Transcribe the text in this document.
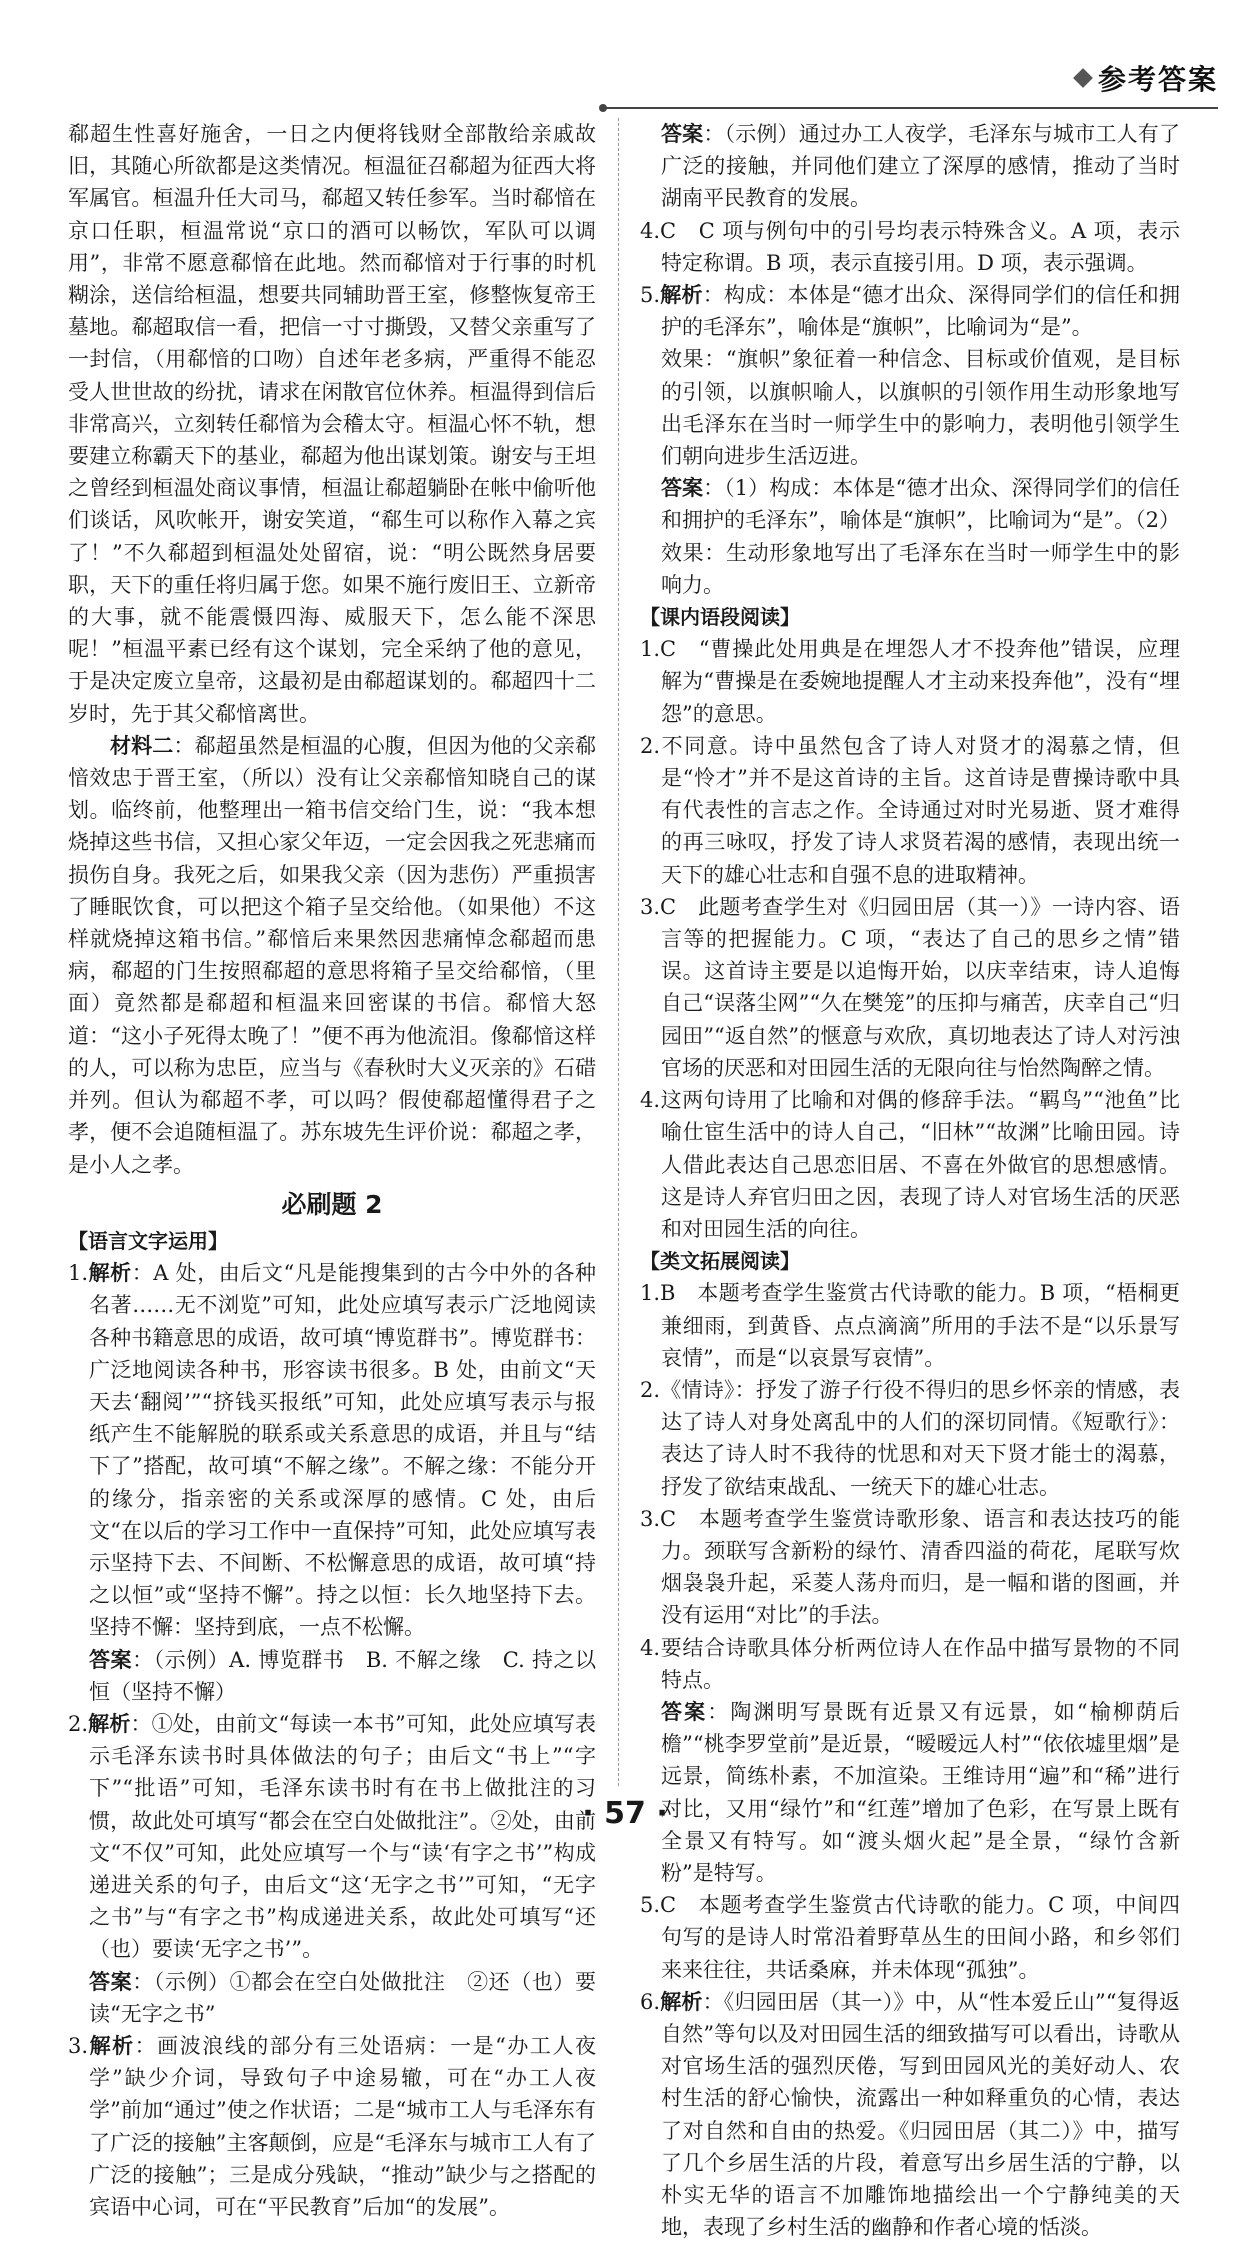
参考答案

郗超生性喜好施舍，一日之内便将钱财全部散给亲戚故旧，其随心所欲都是这类情况。桓温征召郗超为征西大将军属官。桓温升任大司马，郗超又转任参军。当时郗愔在京口任职，桓温常说“京口的酒可以畅饮，军队可以调用”，非常不愿意郗愔在此地。然而郗愔对于行事的时机糊涂，送信给桓温，想要共同辅助晋王室，修整恢复帝王墓地。郗超取信一看，把信一寸寸撕毁，又替父亲重写了一封信，（用郗愔的口吻）自述年老多病，严重得不能忍受人世世故的纷扰，请求在闲散官位休养。桓温得到信后非常高兴，立刻转任郗愔为会稽太守。桓温心怀不轨，想要建立称霸天下的基业，郗超为他出谋划策。谢安与王坦之曾经到桓温处商议事情，桓温让郗超躺卧在帐中偷听他们谈话，风吹帐开，谢安笑道，“郗生可以称作入幕之宾了！”不久郗超到桓温处处留宿，说：“明公既然身居要职，天下的重任将归属于您。如果不施行废旧王、立新帝的大事，就不能震慑四海、威服天下，怎么能不深思呢！”桓温平素已经有这个谋划，完全采纳了他的意见，于是决定废立皇帝，这最初是由郗超谋划的。郗超四十二岁时，先于其父郗愔离世。

材料二：郗超虽然是桓温的心腹，但因为他的父亲郗愔效忠于晋王室，（所以）没有让父亲郗愔知晓自己的谋划。临终前，他整理出一箱书信交给门生，说：“我本想烧掉这些书信，又担心家父年迈，一定会因我之死悲痛而损伤自身。我死之后，如果我父亲（因为悲伤）严重损害了睡眠饮食，可以把这个箱子呈交给他。（如果他）不这样就烧掉这箱书信。”郗愔后来果然因悲痛悼念郗超而患病，郗超的门生按照郗超的意思将箱子呈交给郗愔，（里面）竟然都是郗超和桓温来回密谋的书信。郗愔大怒道：“这小子死得太晚了！”便不再为他流泪。像郗愔这样的人，可以称为忠臣，应当与《春秋时大义灭亲的》石碏并列。但认为郗超不孝，可以吗？假使郗超懂得君子之孝，便不会追随桓温了。苏东坡先生评价说：郗超之孝，是小人之孝。

必刷题 2

【语言文字运用】

1.解析：A 处，由后文“凡是能搜集到的古今中外的各种名著……无不浏览”可知，此处应填写表示广泛地阅读各种书籍意思的成语，故可填“博览群书”。博览群书：广泛地阅读各种书，形容读书很多。B 处，由前文“天天去‘翻阅’”“挤钱买报纸”可知，此处应填写表示与报纸产生不能解脱的联系或关系意思的成语，并且与“结下了”搭配，故可填“不解之缘”。不解之缘：不能分开的缘分，指亲密的关系或深厚的感情。C 处，由后文“在以后的学习工作中一直保持”可知，此处应填写表示坚持下去、不间断、不松懈意思的成语，故可填“持之以恒”或“坚持不懈”。持之以恒：长久地坚持下去。坚持不懈：坚持到底，一点不松懈。

答案：（示例）A. 博览群书　B. 不解之缘　C. 持之以恒（坚持不懈）

2.解析：①处，由前文“每读一本书”可知，此处应填写表示毛泽东读书时具体做法的句子；由后文“书上”“字下”“批语”可知，毛泽东读书时有在书上做批注的习惯，故此处可填写“都会在空白处做批注”。②处，由前文“不仅”可知，此处应填写一个与“读‘有字之书’”构成递进关系的句子，由后文“这‘无字之书’”可知，“无字之书”与“有字之书”构成递进关系，故此处可填写“还（也）要读‘无字之书’”。

答案：（示例）①都会在空白处做批注　②还（也）要读“无字之书”

3.解析：画波浪线的部分有三处语病：一是“办工人夜学”缺少介词，导致句子中途易辙，可在“办工人夜学”前加“通过”使之作状语；二是“城市工人与毛泽东有了广泛的接触”主客颠倒，应是“毛泽东与城市工人有了广泛的接触”；三是成分残缺，“推动”缺少与之搭配的宾语中心词，可在“平民教育”后加“的发展”。

答案：（示例）通过办工人夜学，毛泽东与城市工人有了广泛的接触，并同他们建立了深厚的感情，推动了当时湖南平民教育的发展。

4.C　C 项与例句中的引号均表示特殊含义。A 项，表示特定称谓。B 项，表示直接引用。D 项，表示强调。

5.解析：构成：本体是“德才出众、深得同学们的信任和拥护的毛泽东”，喻体是“旗帜”，比喻词为“是”。

效果：“旗帜”象征着一种信念、目标或价值观，是目标的引领，以旗帜喻人，以旗帜的引领作用生动形象地写出毛泽东在当时一师学生中的影响力，表明他引领学生们朝向进步生活迈进。

答案：（1）构成：本体是“德才出众、深得同学们的信任和拥护的毛泽东”，喻体是“旗帜”，比喻词为“是”。（2）效果：生动形象地写出了毛泽东在当时一师学生中的影响力。

【课内语段阅读】

1.C　“曹操此处用典是在埋怨人才不投奔他”错误，应理解为“曹操是在委婉地提醒人才主动来投奔他”，没有“埋怨”的意思。

2.不同意。诗中虽然包含了诗人对贤才的渴慕之情，但是“怜才”并不是这首诗的主旨。这首诗是曹操诗歌中具有代表性的言志之作。全诗通过对时光易逝、贤才难得的再三咏叹，抒发了诗人求贤若渴的感情，表现出统一天下的雄心壮志和自强不息的进取精神。

3.C　此题考查学生对《归园田居（其一）》一诗内容、语言等的把握能力。C 项，“表达了自己的思乡之情”错误。这首诗主要是以追悔开始，以庆幸结束，诗人追悔自己“误落尘网”“久在樊笼”的压抑与痛苦，庆幸自己“归园田”“返自然”的惬意与欢欣，真切地表达了诗人对污浊官场的厌恶和对田园生活的无限向往与怡然陶醉之情。

4.这两句诗用了比喻和对偶的修辞手法。“羁鸟”“池鱼”比喻仕宦生活中的诗人自己，“旧林”“故渊”比喻田园。诗人借此表达自己思恋旧居、不喜在外做官的思想感情。这是诗人弃官归田之因，表现了诗人对官场生活的厌恶和对田园生活的向往。

【类文拓展阅读】

1.B　本题考查学生鉴赏古代诗歌的能力。B 项，“梧桐更兼细雨，到黄昏、点点滴滴”所用的手法不是“以乐景写哀情”，而是“以哀景写哀情”。

2.《情诗》：抒发了游子行役不得归的思乡怀亲的情感，表达了诗人对身处离乱中的人们的深切同情。《短歌行》：表达了诗人时不我待的忧思和对天下贤才能士的渴慕，抒发了欲结束战乱、一统天下的雄心壮志。

3.C　本题考查学生鉴赏诗歌形象、语言和表达技巧的能力。颈联写含新粉的绿竹、清香四溢的荷花，尾联写炊烟袅袅升起，采菱人荡舟而归，是一幅和谐的图画，并没有运用“对比”的手法。

4.要结合诗歌具体分析两位诗人在作品中描写景物的不同特点。

答案：陶渊明写景既有近景又有远景，如“榆柳荫后檐”“桃李罗堂前”是近景，“暧暧远人村”“依依墟里烟”是远景，简练朴素，不加渲染。王维诗用“遍”和“稀”进行对比，又用“绿竹”和“红莲”增加了色彩，在写景上既有全景又有特写。如“渡头烟火起”是全景，“绿竹含新粉”是特写。

5.C　本题考查学生鉴赏古代诗歌的能力。C 项，中间四句写的是诗人时常沿着野草丛生的田间小路，和乡邻们来来往往，共话桑麻，并未体现“孤独”。

6.解析：《归园田居（其一）》中，从“性本爱丘山”“复得返自然”等句以及对田园生活的细致描写可以看出，诗歌从对官场生活的强烈厌倦，写到田园风光的美好动人、农村生活的舒心愉快，流露出一种如释重负的心情，表达了对自然和自由的热爱。《归园田居（其二）》中，描写了几个乡居生活的片段，着意写出乡居生活的宁静，以朴实无华的语言不加雕饰地描绘出一个宁静纯美的天地，表现了乡村生活的幽静和作者心境的恬淡。

· 57 ·
